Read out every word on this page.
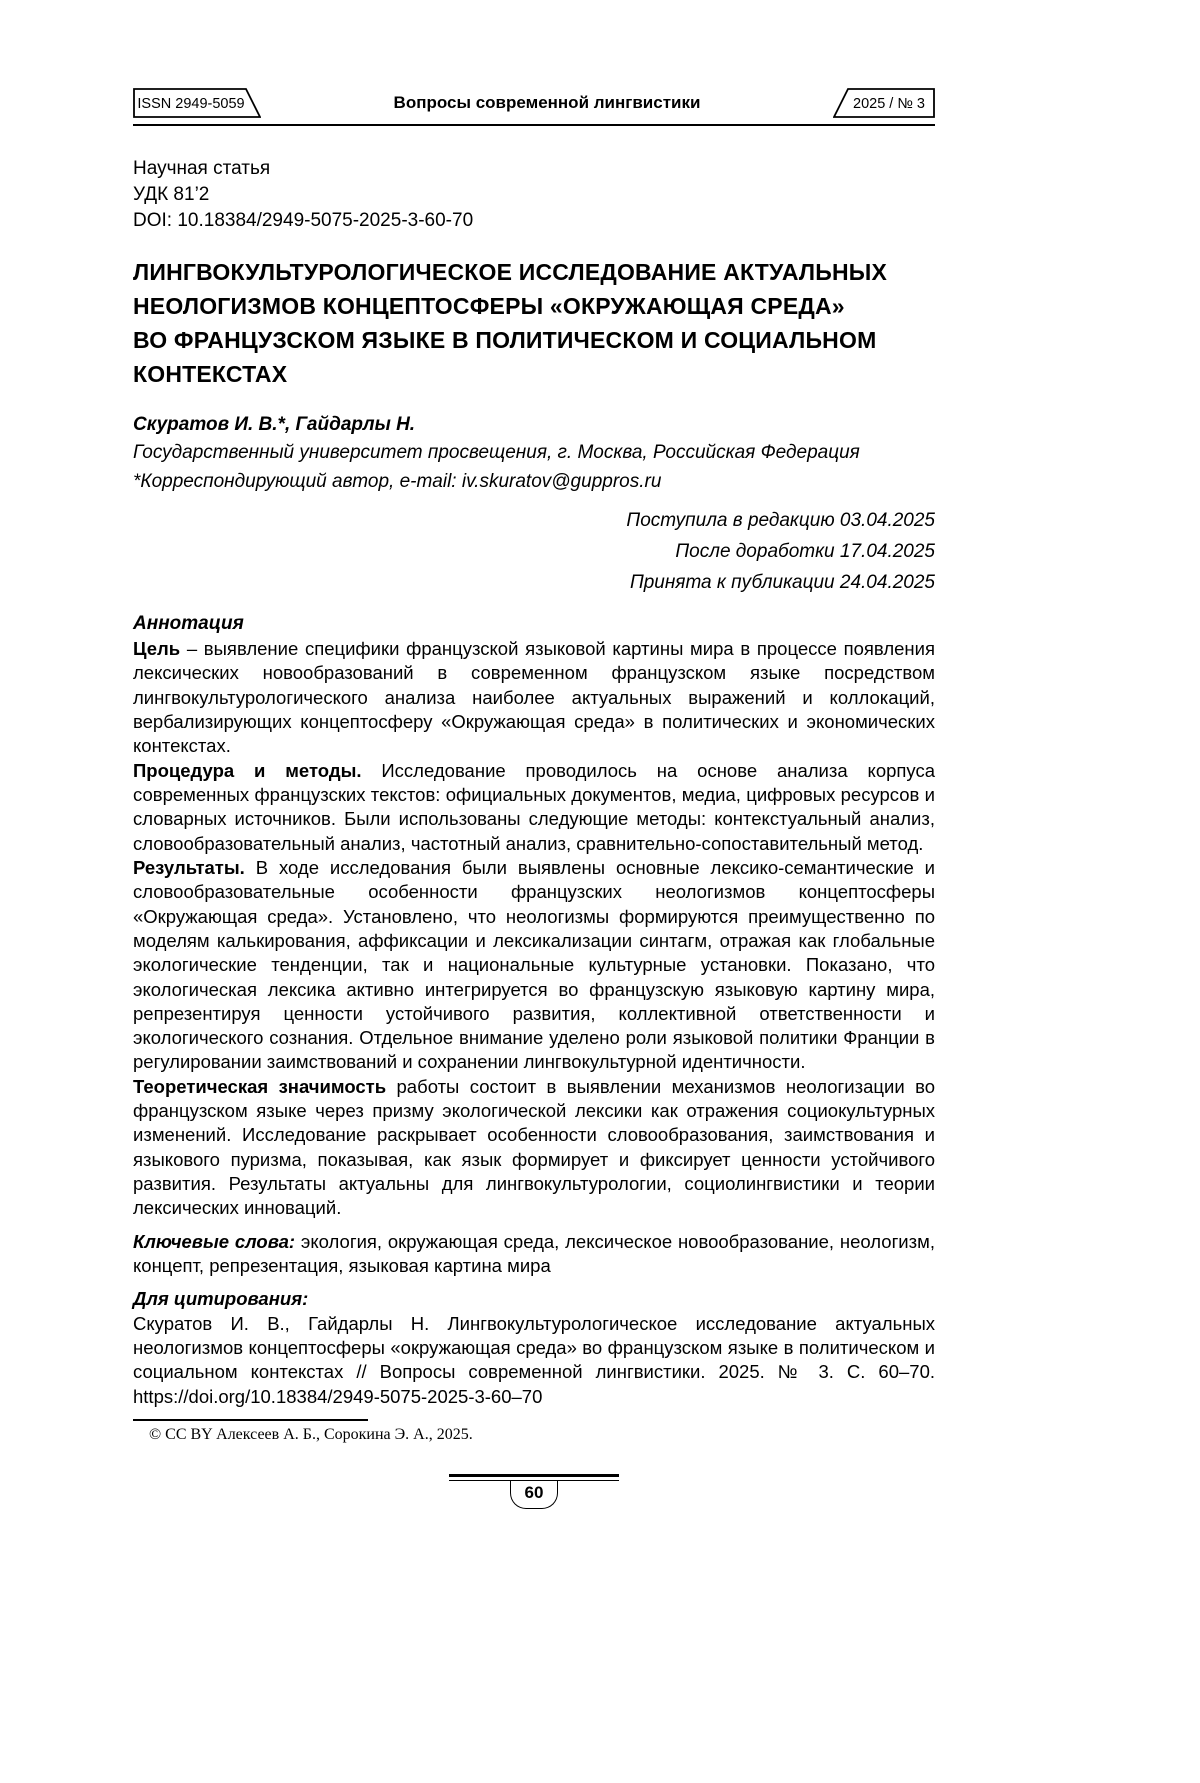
ISSN 2949-5059	Вопросы современной лингвистики	2025 / № 3
Научная статья
УДК 81’2
DOI: 10.18384/2949-5075-2025-3-60-70
ЛИНГВОКУЛЬТУРОЛОГИЧЕСКОЕ ИССЛЕДОВАНИЕ АКТУАЛЬНЫХ
НЕОЛОГИЗМОВ КОНЦЕПТОСФЕРЫ «ОКРУЖАЮЩАЯ СРЕДА»
ВО ФРАНЦУЗСКОМ ЯЗЫКЕ В ПОЛИТИЧЕСКОМ И СОЦИАЛЬНОМ
КОНТЕКСТАХ
Скуратов И. В.*, Гайдарлы Н.
Государственный университет просвещения, г. Москва, Российская Федерация
*Корреспондирующий автор, e-mail: iv.skuratov@guppros.ru
Поступила в редакцию 03.04.2025
После доработки 17.04.2025
Принята к публикации 24.04.2025
Аннотация

Цель – выявление специфики французской языковой картины мира в процессе появления лексических новообразований в современном французском языке посредством лингвокультурологического анализа наиболее актуальных выражений и коллокаций, вербализирующих концептосферу «Окружающая среда» в политических и экономических контекстах.

Процедура и методы. Исследование проводилось на основе анализа корпуса современных французских текстов: официальных документов, медиа, цифровых ресурсов и словарных источников. Были использованы следующие методы: контекстуальный анализ, словообразовательный анализ, частотный анализ, сравнительно-сопоставительный метод.

Результаты. В ходе исследования были выявлены основные лексико-семантические и словообразовательные особенности французских неологизмов концептосферы «Окружающая среда». Установлено, что неологизмы формируются преимущественно по моделям калькирования, аффиксации и лексикализации синтагм, отражая как глобальные экологические тенденции, так и национальные культурные установки. Показано, что экологическая лексика активно интегрируется во французскую языковую картину мира, репрезентируя ценности устойчивого развития, коллективной ответственности и экологического сознания. Отдельное внимание уделено роли языковой политики Франции в регулировании заимствований и сохранении лингвокультурной идентичности.

Теоретическая значимость работы состоит в выявлении механизмов неологизации во французском языке через призму экологической лексики как отражения социокультурных изменений. Исследование раскрывает особенности словообразования, заимствования и языкового пуризма, показывая, как язык формирует и фиксирует ценности устойчивого развития. Результаты актуальны для лингвокультурологии, социолингвистики и теории лексических инноваций.

Ключевые слова: экология, окружающая среда, лексическое новообразование, неологизм, концепт, репрезентация, языковая картина мира

Для цитирования:

Скуратов И. В., Гайдарлы Н. Лингвокультурологическое исследование актуальных неологизмов концептосферы «окружающая среда» во французском языке в политическом и социальном контекстах // Вопросы современной лингвистики. 2025. № 3. С. 60–70. https://doi.org/10.18384/2949-5075-2025-3-60–70

© CC BY Алексеев А. Б., Сорокина Э. А., 2025.
60
